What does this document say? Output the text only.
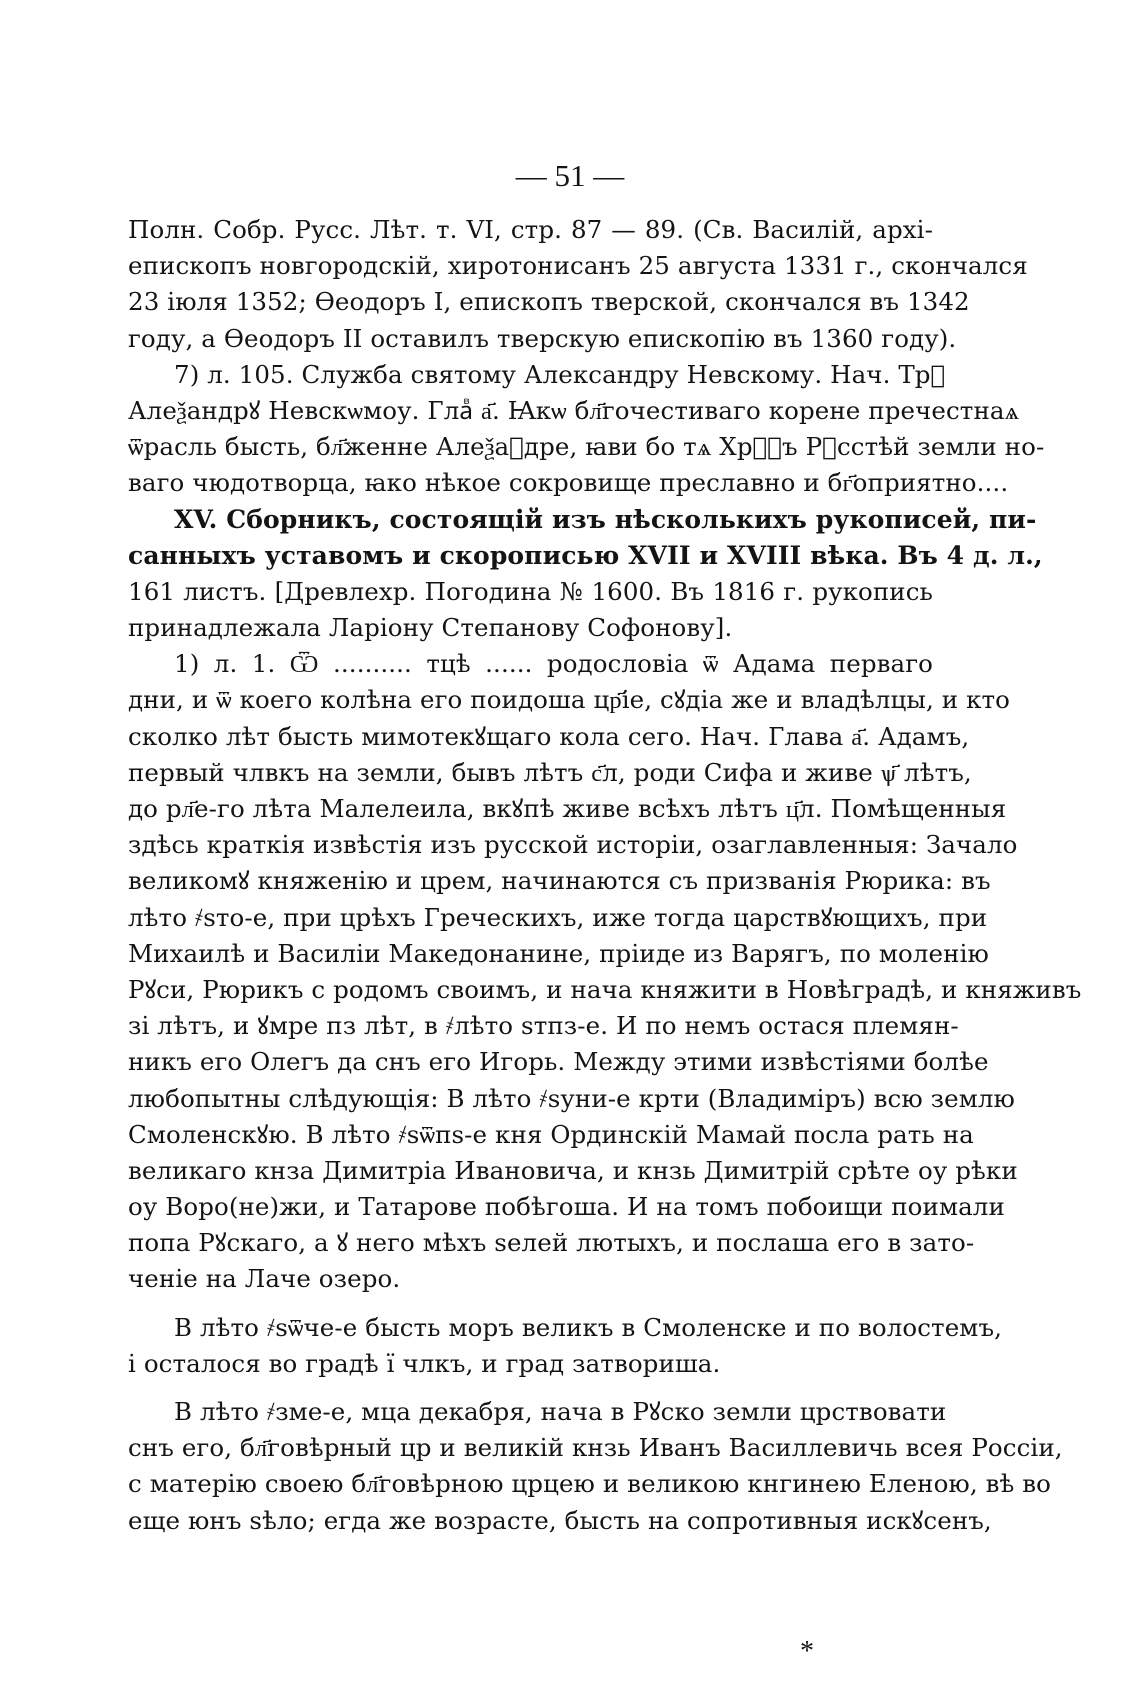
— 51 —
Полн. Собр. Русс. Лѣт. т. VI, стр. 87 — 89. (Св. Василій, архі-
епископъ новгородскій, хиротонисанъ 25 августа 1331 г., скончался
23 іюля 1352; Ѳеодоръ I, епископъ тверской, скончался въ 1342
году, а Ѳеодоръ II оставилъ тверскую епископію въ 1360 году).
7) л. 105. Служба святому Александру Невскому. Нач. Трⷪ
Алеѯандрꙋ Невскѡмоу. Глаⷡ а҃. Ꙗкѡ бл҃гочестиваго корене пречестнаѧ
ѿрасль бысть, бл҃женне Алеѯаⷩдре, ꙗви бо тѧ Хрⷭ҇ъ Рꙋсстѣй земли но-
ваго чюдотворца, ꙗко нѣкое сокровище преславно и бг҃оприятно....
XV. Сборникъ, состоящій изъ нѣсколькихъ рукописей, пи-
санныхъ уставомъ и скорописью XVII и XVIII вѣка. Въ 4 д. л.,
161 листъ. [Древлехр. Погодина № 1600. Въ 1816 г. рукопись
принадлежала Ларіону Степанову Софонову].
1) л. 1. Ѿ .......... тцѣ ...... родословіа ѿ Адама перваго
дни, и ѿ коего колѣна его поидоша цр҃іе, сꙋдіа же и владѣлцы, и кто
сколко лѣт бысть мимотекꙋщаго кола сего. Нач. Глава а҃. Адамъ,
первый члвкъ на земли, бывъ лѣтъ с҃л, роди Сифа и живе ѱ҃ лѣтъ,
до рл҃е-го лѣта Малелеила, вкꙋпѣ живе всѣхъ лѣтъ ц҃л. Помѣщенныя
здѣсь краткія извѣстія изъ русской исторіи, озаглавленныя: Зачало
великомꙋ княженію и црем, начинаются съ призванія Рюрика: въ
лѣто ҂ѕто-е, при црѣхъ Греческихъ, иже тогда царствꙋющихъ, при
Михаилѣ и Василіи Македонанине, пріиде из Варягъ, по моленію
Рꙋси, Рюрикъ с родомъ своимъ, и нача княжити в Новѣградѣ, и княживъ
зі лѣтъ, и ꙋмре пз лѣт, в ҂лѣто ѕтпз-е. И по немъ остася племян-
никъ его Олегъ да снъ его Игорь. Между этими извѣстіями болѣе
любопытны слѣдующія: В лѣто ҂ѕуни-е крти (Владиміръ) всю землю
Смоленскꙋю. В лѣто ҂ѕѿпѕ-е кня Ординскій Мамай посла рать на
великаго кнза Димитріа Ивановича, и кнзь Димитрій срѣте оу рѣки
оу Воро(не)жи, и Татарове побѣгоша. И на томъ побоищи поимали
попа Рꙋскаго, а ꙋ него мѣхъ ѕелей лютыхъ, и послаша его в зато-
ченіе на Лаче озеро.
В лѣто ҂ѕѿче-е бысть моръ великъ в Смоленске и по волостемъ,
і осталося во градѣ ї члкъ, и град затвориша.
В лѣто ҂зме-е, мца декабря, нача в Рꙋско земли црствовати
снъ его, бл҃говѣрный цр и великій кнзь Иванъ Василлевичь всея Россіи,
с матерію своею бл҃говѣрною црцею и великою кнгинею Еленою, вѣ во
еще юнъ ѕѣло; егда же возрасте, бысть на сопротивныя искꙋсенъ,
*
